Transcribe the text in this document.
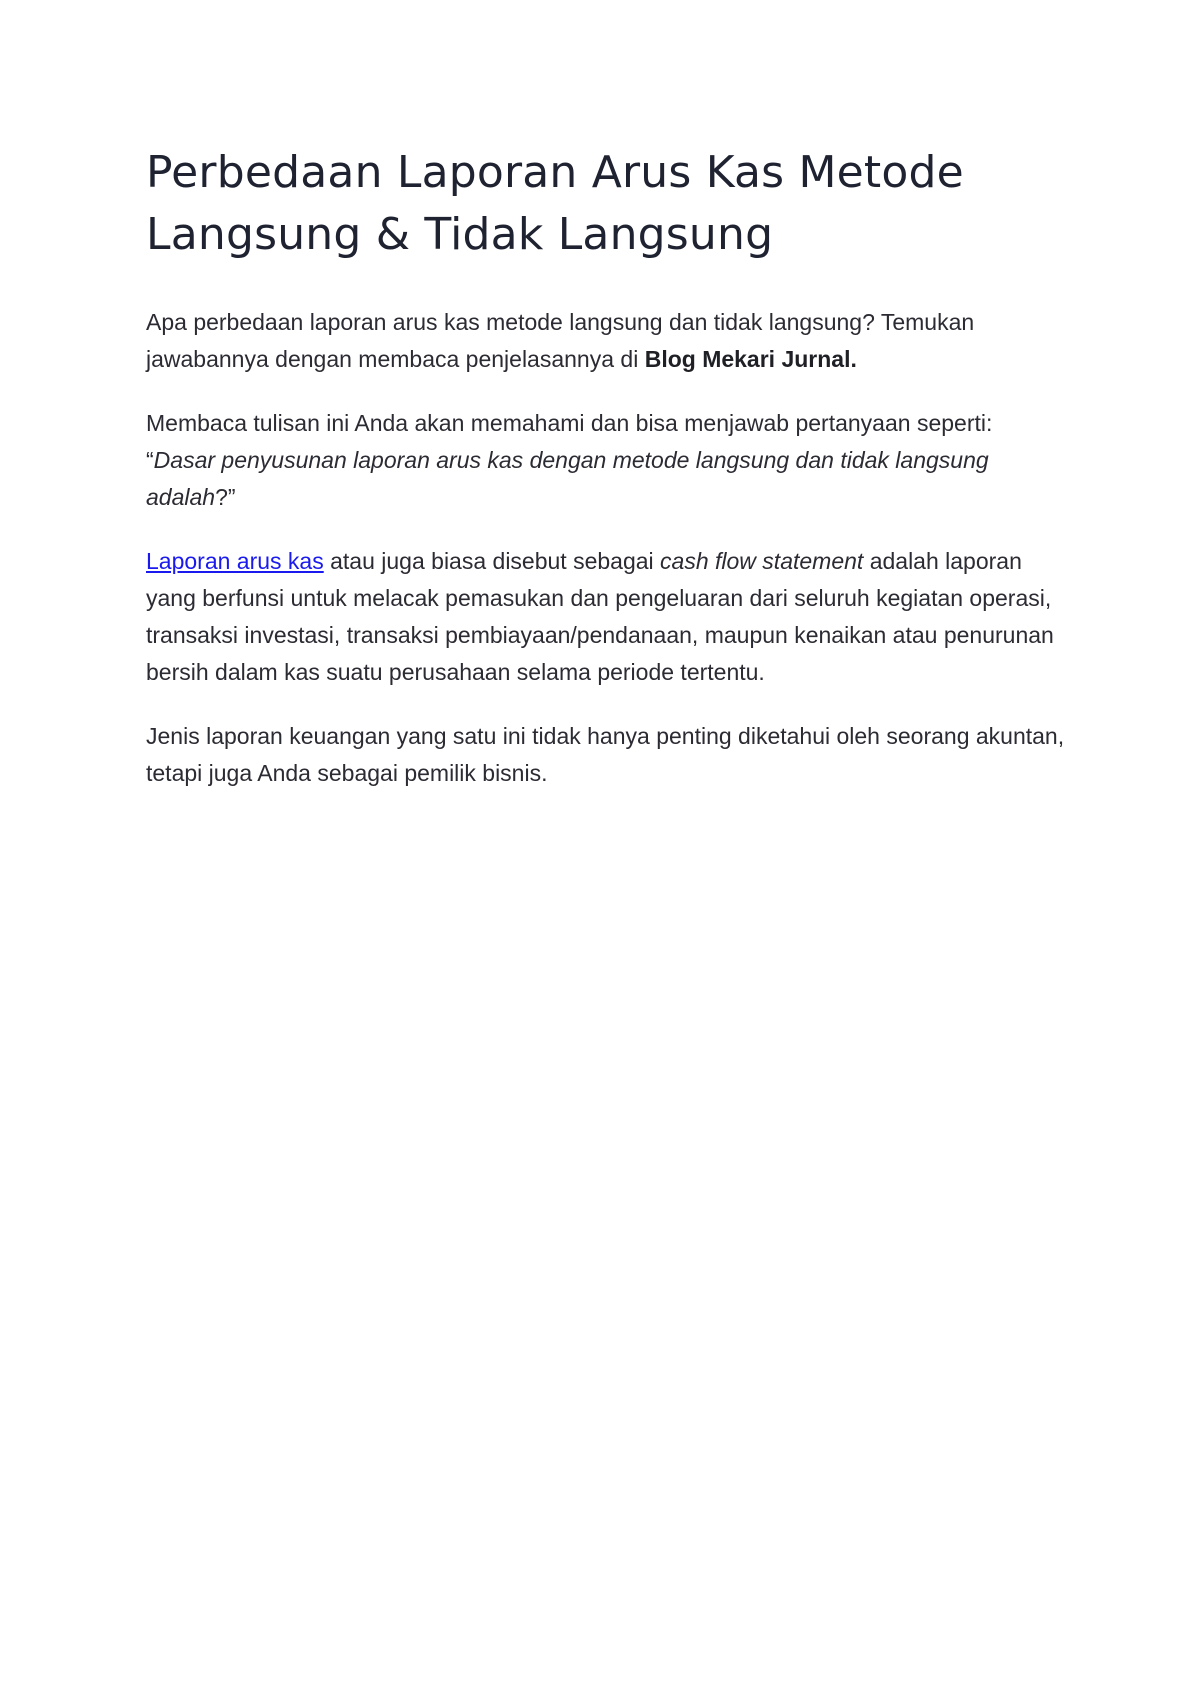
Perbedaan Laporan Arus Kas Metode Langsung & Tidak Langsung

Apa perbedaan laporan arus kas metode langsung dan tidak langsung? Temukan jawabannya dengan membaca penjelasannya di Blog Mekari Jurnal.

Membaca tulisan ini Anda akan memahami dan bisa menjawab pertanyaan seperti: “Dasar penyusunan laporan arus kas dengan metode langsung dan tidak langsung adalah?”

Laporan arus kas atau juga biasa disebut sebagai cash flow statement adalah laporan yang berfunsi untuk melacak pemasukan dan pengeluaran dari seluruh kegiatan operasi, transaksi investasi, transaksi pembiayaan/pendanaan, maupun kenaikan atau penurunan bersih dalam kas suatu perusahaan selama periode tertentu.

Jenis laporan keuangan yang satu ini tidak hanya penting diketahui oleh seorang akuntan, tetapi juga Anda sebagai pemilik bisnis.
